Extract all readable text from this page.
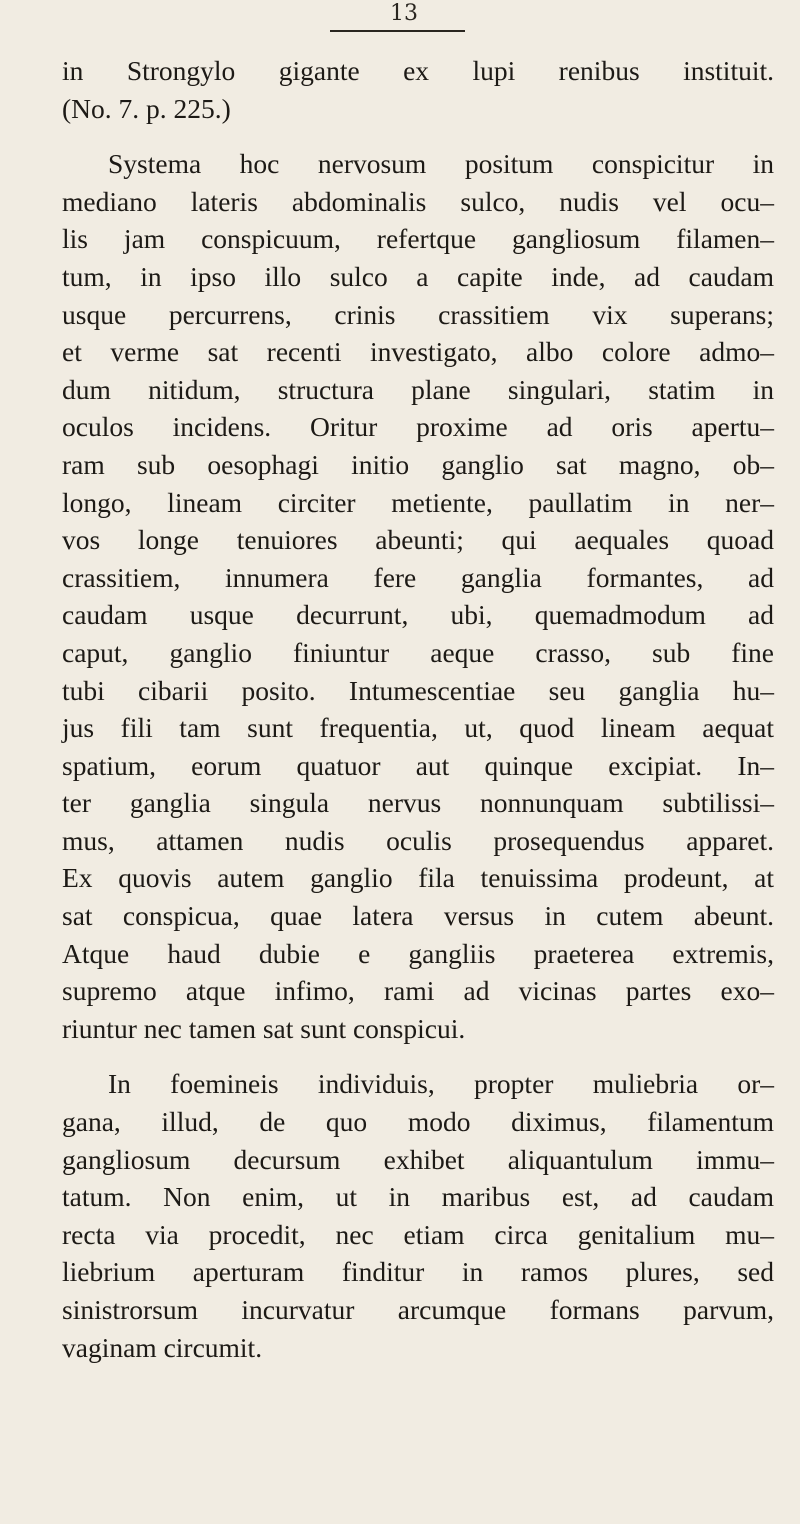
13
in Strongylo gigante ex lupi renibus instituit.
(No. 7. p. 225.)
Systema hoc nervosum positum conspicitur in
mediano lateris abdominalis sulco, nudis vel ocu–
lis jam conspicuum, refertque gangliosum filamen–
tum, in ipso illo sulco a capite inde, ad caudam
usque percurrens, crinis crassitiem vix superans;
et verme sat recenti investigato, albo colore admo–
dum nitidum, structura plane singulari, statim in
oculos incidens. Oritur proxime ad oris apertu–
ram sub oesophagi initio ganglio sat magno, ob–
longo, lineam circiter metiente, paullatim in ner–
vos longe tenuiores abeunti; qui aequales quoad
crassitiem, innumera fere ganglia formantes, ad
caudam usque decurrunt, ubi, quemadmodum ad
caput, ganglio finiuntur aeque crasso, sub fine
tubi cibarii posito. Intumescentiae seu ganglia hu–
jus fili tam sunt frequentia, ut, quod lineam aequat
spatium, eorum quatuor aut quinque excipiat. In–
ter ganglia singula nervus nonnunquam subtilissi–
mus, attamen nudis oculis prosequendus apparet.
Ex quovis autem ganglio fila tenuissima prodeunt, at
sat conspicua, quae latera versus in cutem abeunt.
Atque haud dubie e gangliis praeterea extremis,
supremo atque infimo, rami ad vicinas partes exo–
riuntur nec tamen sat sunt conspicui.
In foemineis individuis, propter muliebria or–
gana, illud, de quo modo diximus, filamentum
gangliosum decursum exhibet aliquantulum immu–
tatum. Non enim, ut in maribus est, ad caudam
recta via procedit, nec etiam circa genitalium mu–
liebrium aperturam finditur in ramos plures, sed
sinistrorsum incurvatur arcumque formans parvum,
vaginam circumit.
